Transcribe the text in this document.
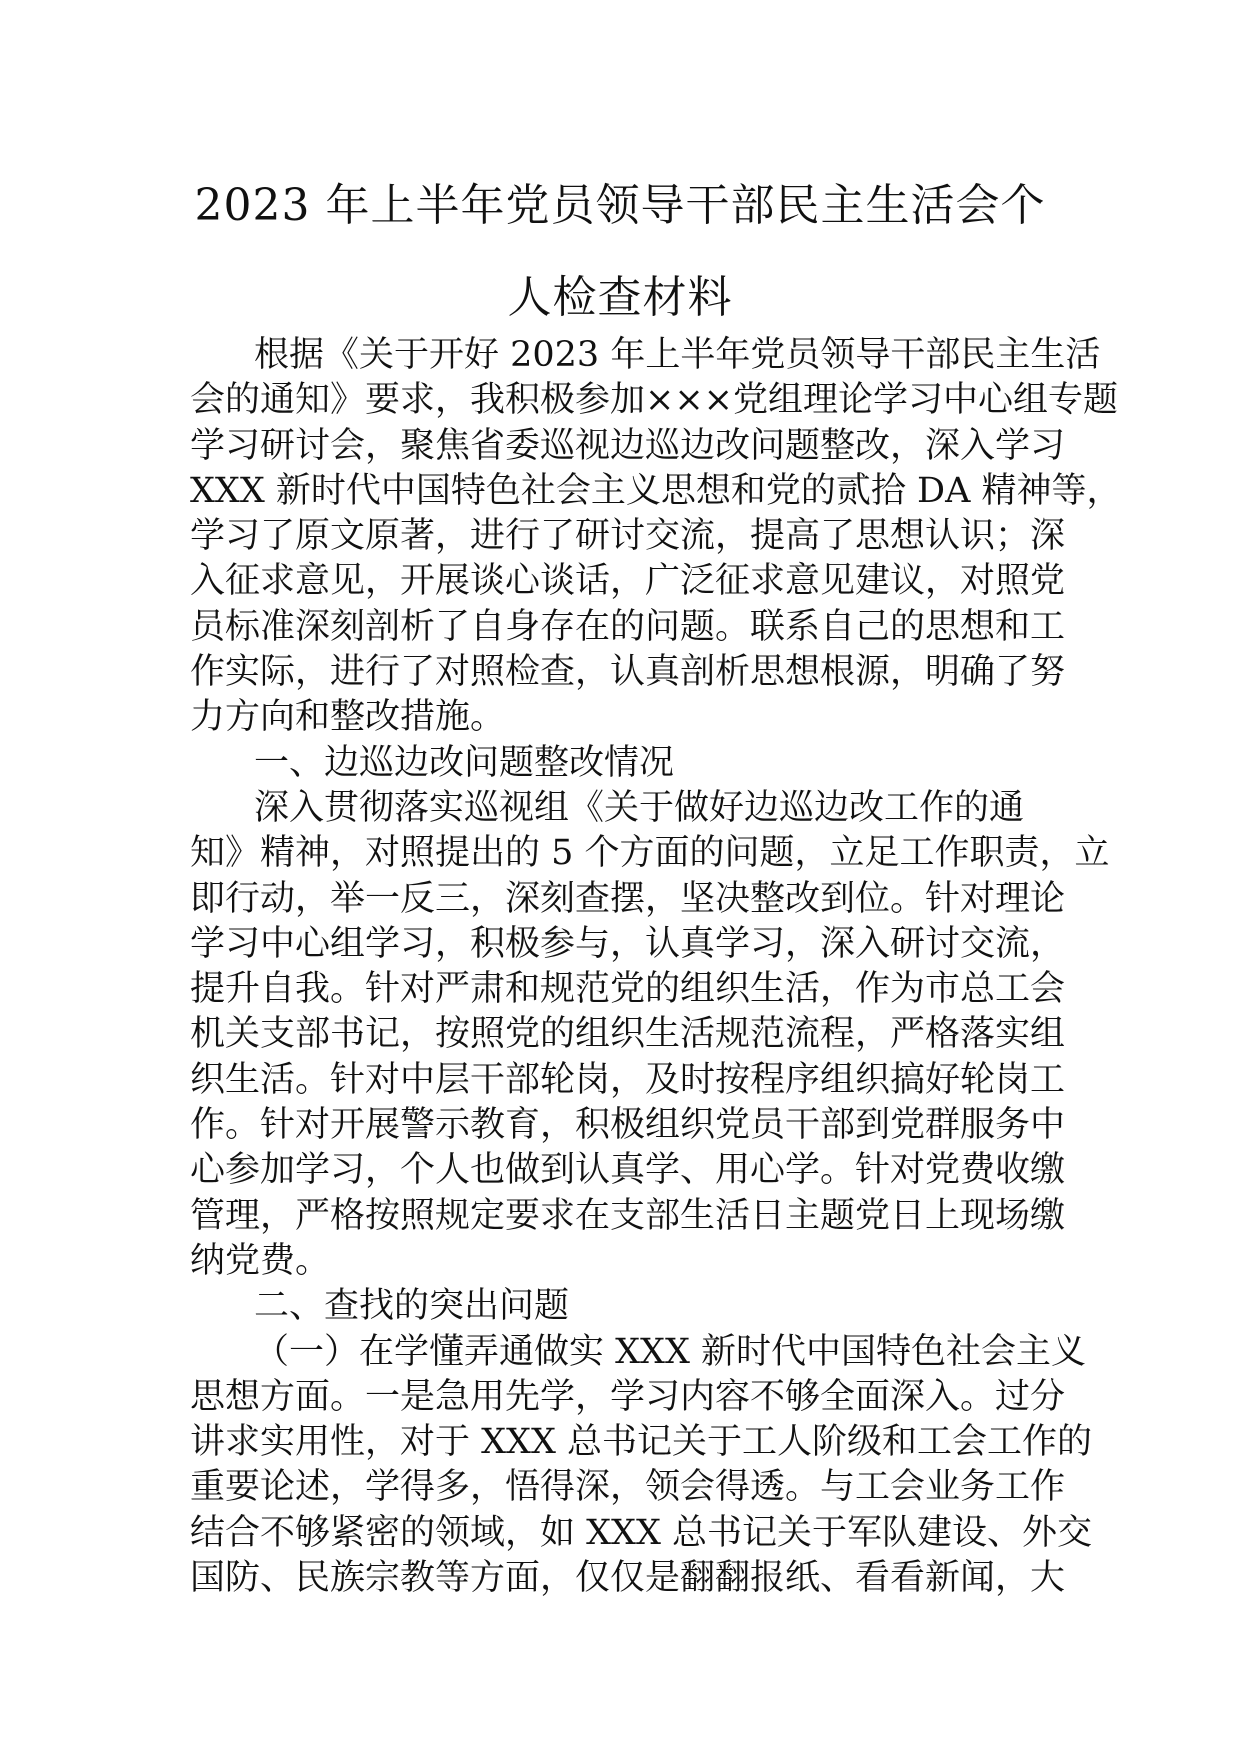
2023 年上半年党员领导干部民主生活会个
人检查材料
根据《关于开好 2023 年上半年党员领导干部民主生活
会的通知》要求，我积极参加×××党组理论学习中心组专题
学习研讨会，聚焦省委巡视边巡边改问题整改，深入学习
XXX 新时代中国特色社会主义思想和党的贰拾 DA 精神等，
学习了原文原著，进行了研讨交流，提高了思想认识；深
入征求意见，开展谈心谈话，广泛征求意见建议，对照党
员标准深刻剖析了自身存在的问题。联系自己的思想和工
作实际，进行了对照检查，认真剖析思想根源，明确了努
力方向和整改措施。
一、边巡边改问题整改情况
深入贯彻落实巡视组《关于做好边巡边改工作的通
知》精神，对照提出的 5 个方面的问题，立足工作职责，立
即行动，举一反三，深刻查摆，坚决整改到位。针对理论
学习中心组学习，积极参与，认真学习，深入研讨交流，
提升自我。针对严肃和规范党的组织生活，作为市总工会
机关支部书记，按照党的组织生活规范流程，严格落实组
织生活。针对中层干部轮岗，及时按程序组织搞好轮岗工
作。针对开展警示教育，积极组织党员干部到党群服务中
心参加学习，个人也做到认真学、用心学。针对党费收缴
管理，严格按照规定要求在支部生活日主题党日上现场缴
纳党费。
二、查找的突出问题
（一）在学懂弄通做实 XXX 新时代中国特色社会主义
思想方面。一是急用先学，学习内容不够全面深入。过分
讲求实用性，对于 XXX 总书记关于工人阶级和工会工作的
重要论述，学得多，悟得深，领会得透。与工会业务工作
结合不够紧密的领域，如 XXX 总书记关于军队建设、外交
国防、民族宗教等方面，仅仅是翻翻报纸、看看新闻，大
